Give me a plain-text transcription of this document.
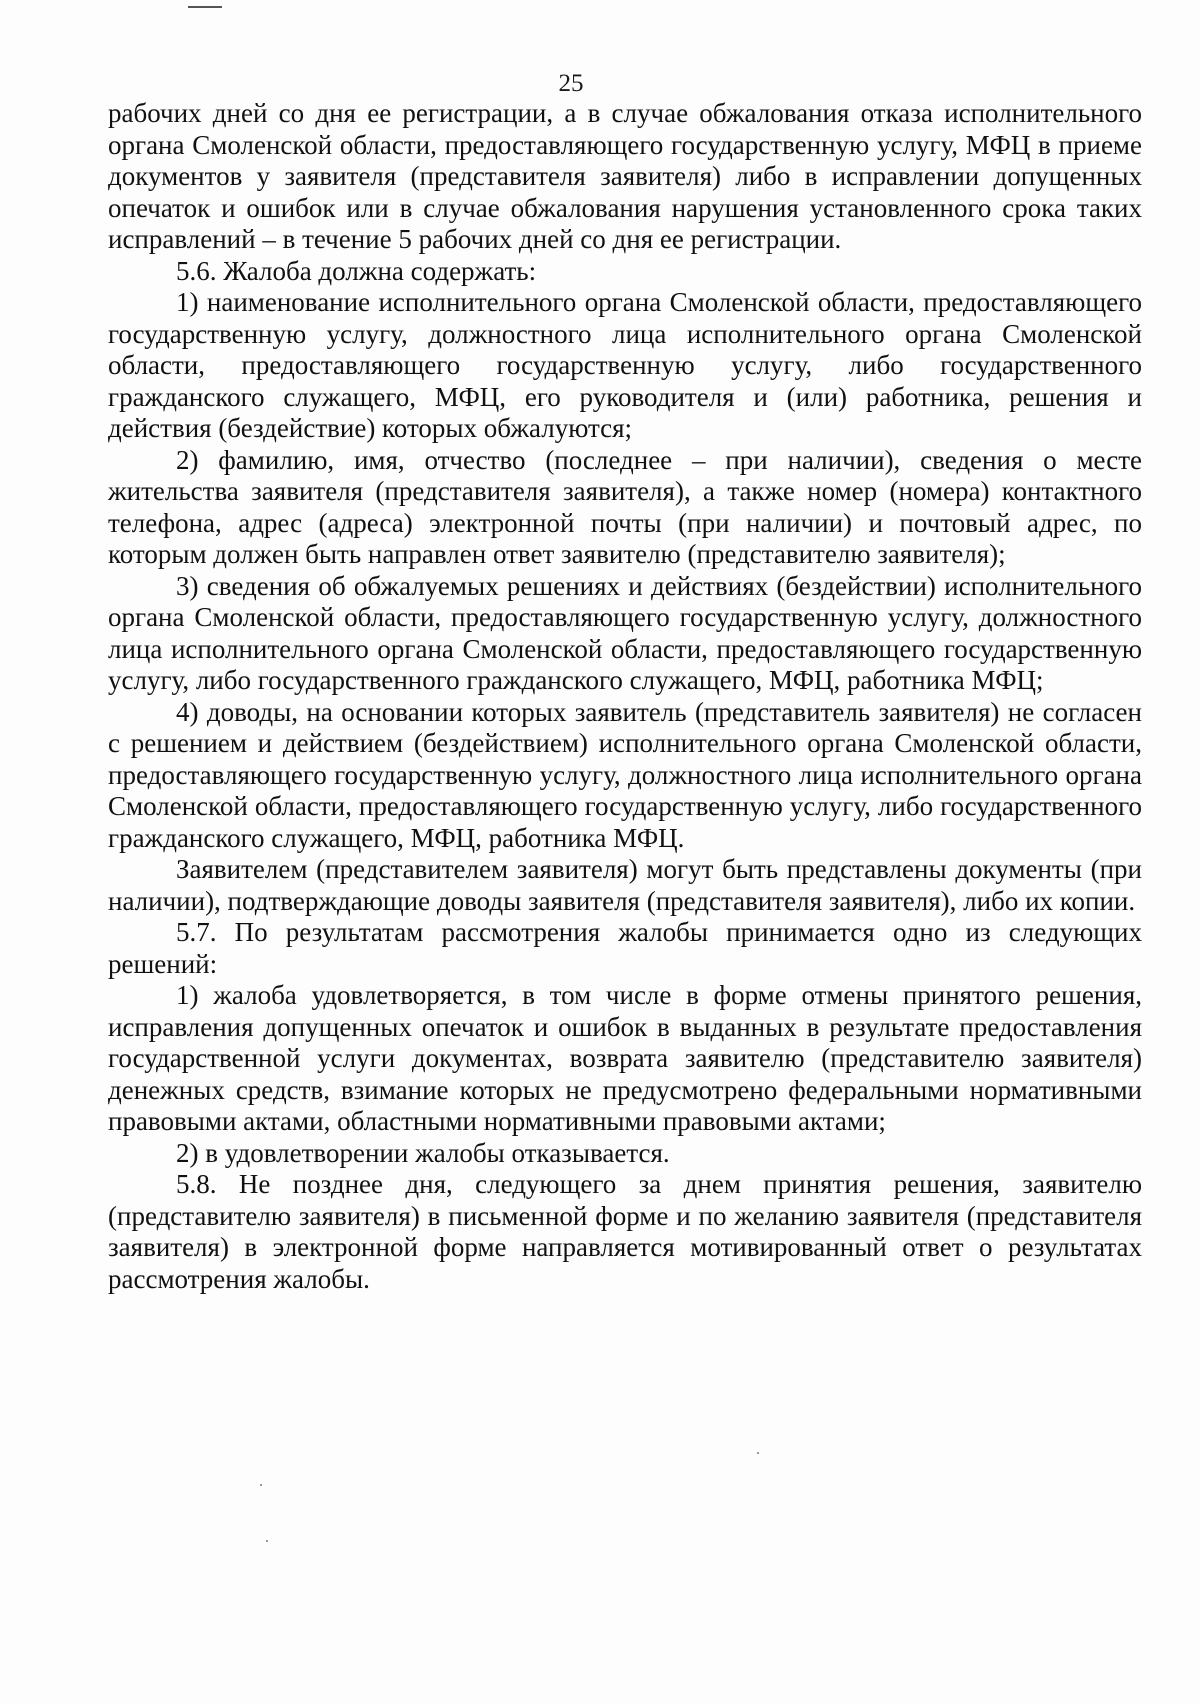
25

рабочих дней со дня ее регистрации, а в случае обжалования отказа исполнительного органа Смоленской области, предоставляющего государственную услугу, МФЦ в приеме документов у заявителя (представителя заявителя) либо в исправлении допущенных опечаток и ошибок или в случае обжалования нарушения установленного срока таких исправлений – в течение 5 рабочих дней со дня ее регистрации.

5.6. Жалоба должна содержать:

1) наименование исполнительного органа Смоленской области, предоставляющего государственную услугу, должностного лица исполнительного органа Смоленской области, предоставляющего государственную услугу, либо государственного гражданского служащего, МФЦ, его руководителя и (или) работника, решения и действия (бездействие) которых обжалуются;

2) фамилию, имя, отчество (последнее – при наличии), сведения о месте жительства заявителя (представителя заявителя), а также номер (номера) контактного телефона, адрес (адреса) электронной почты (при наличии) и почтовый адрес, по которым должен быть направлен ответ заявителю (представителю заявителя);

3) сведения об обжалуемых решениях и действиях (бездействии) исполнительного органа Смоленской области, предоставляющего государственную услугу, должностного лица исполнительного органа Смоленской области, предоставляющего государственную услугу, либо государственного гражданского служащего, МФЦ, работника МФЦ;

4) доводы, на основании которых заявитель (представитель заявителя) не согласен с решением и действием (бездействием) исполнительного органа Смоленской области, предоставляющего государственную услугу, должностного лица исполнительного органа Смоленской области, предоставляющего государственную услугу, либо государственного гражданского служащего, МФЦ, работника МФЦ.

Заявителем (представителем заявителя) могут быть представлены документы (при наличии), подтверждающие доводы заявителя (представителя заявителя), либо их копии.

5.7. По результатам рассмотрения жалобы принимается одно из следующих решений:

1) жалоба удовлетворяется, в том числе в форме отмены принятого решения, исправления допущенных опечаток и ошибок в выданных в результате предоставления государственной услуги документах, возврата заявителю (представителю заявителя) денежных средств, взимание которых не предусмотрено федеральными нормативными правовыми актами, областными нормативными правовыми актами;

2) в удовлетворении жалобы отказывается.

5.8. Не позднее дня, следующего за днем принятия решения, заявителю (представителю заявителя) в письменной форме и по желанию заявителя (представителя заявителя) в электронной форме направляется мотивированный ответ о результатах рассмотрения жалобы.
